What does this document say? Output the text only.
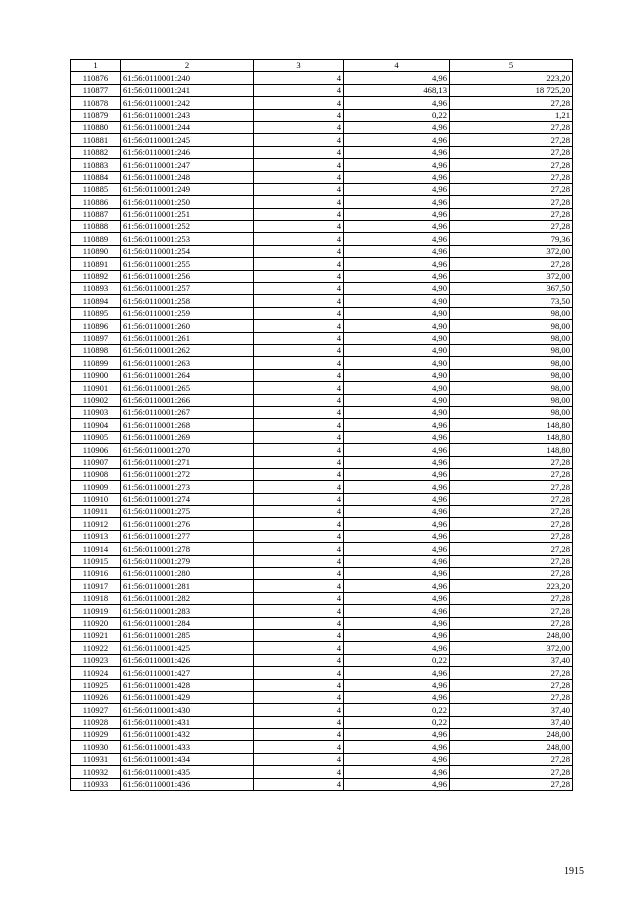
1	2	3	4	5
110876	61:56:0110001:240	4	4,96	223,20
110877	61:56:0110001:241	4	468,13	18 725,20
110878	61:56:0110001:242	4	4,96	27,28
110879	61:56:0110001:243	4	0,22	1,21
110880	61:56:0110001:244	4	4,96	27,28
110881	61:56:0110001:245	4	4,96	27,28
110882	61:56:0110001:246	4	4,96	27,28
110883	61:56:0110001:247	4	4,96	27,28
110884	61:56:0110001:248	4	4,96	27,28
110885	61:56:0110001:249	4	4,96	27,28
110886	61:56:0110001:250	4	4,96	27,28
110887	61:56:0110001:251	4	4,96	27,28
110888	61:56:0110001:252	4	4,96	27,28
110889	61:56:0110001:253	4	4,96	79,36
110890	61:56:0110001:254	4	4,96	372,00
110891	61:56:0110001:255	4	4,96	27,28
110892	61:56:0110001:256	4	4,96	372,00
110893	61:56:0110001:257	4	4,90	367,50
110894	61:56:0110001:258	4	4,90	73,50
110895	61:56:0110001:259	4	4,90	98,00
110896	61:56:0110001:260	4	4,90	98,00
110897	61:56:0110001:261	4	4,90	98,00
110898	61:56:0110001:262	4	4,90	98,00
110899	61:56:0110001:263	4	4,90	98,00
110900	61:56:0110001:264	4	4,90	98,00
110901	61:56:0110001:265	4	4,90	98,00
110902	61:56:0110001:266	4	4,90	98,00
110903	61:56:0110001:267	4	4,90	98,00
110904	61:56:0110001:268	4	4,96	148,80
110905	61:56:0110001:269	4	4,96	148,80
110906	61:56:0110001:270	4	4,96	148,80
110907	61:56:0110001:271	4	4,96	27,28
110908	61:56:0110001:272	4	4,96	27,28
110909	61:56:0110001:273	4	4,96	27,28
110910	61:56:0110001:274	4	4,96	27,28
110911	61:56:0110001:275	4	4,96	27,28
110912	61:56:0110001:276	4	4,96	27,28
110913	61:56:0110001:277	4	4,96	27,28
110914	61:56:0110001:278	4	4,96	27,28
110915	61:56:0110001:279	4	4,96	27,28
110916	61:56:0110001:280	4	4,96	27,28
110917	61:56:0110001:281	4	4,96	223,20
110918	61:56:0110001:282	4	4,96	27,28
110919	61:56:0110001:283	4	4,96	27,28
110920	61:56:0110001:284	4	4,96	27,28
110921	61:56:0110001:285	4	4,96	248,00
110922	61:56:0110001:425	4	4,96	372,00
110923	61:56:0110001:426	4	0,22	37,40
110924	61:56:0110001:427	4	4,96	27,28
110925	61:56:0110001:428	4	4,96	27,28
110926	61:56:0110001:429	4	4,96	27,28
110927	61:56:0110001:430	4	0,22	37,40
110928	61:56:0110001:431	4	0,22	37,40
110929	61:56:0110001:432	4	4,96	248,00
110930	61:56:0110001:433	4	4,96	248,00
110931	61:56:0110001:434	4	4,96	27,28
110932	61:56:0110001:435	4	4,96	27,28
110933	61:56:0110001:436	4	4,96	27,28
1915
